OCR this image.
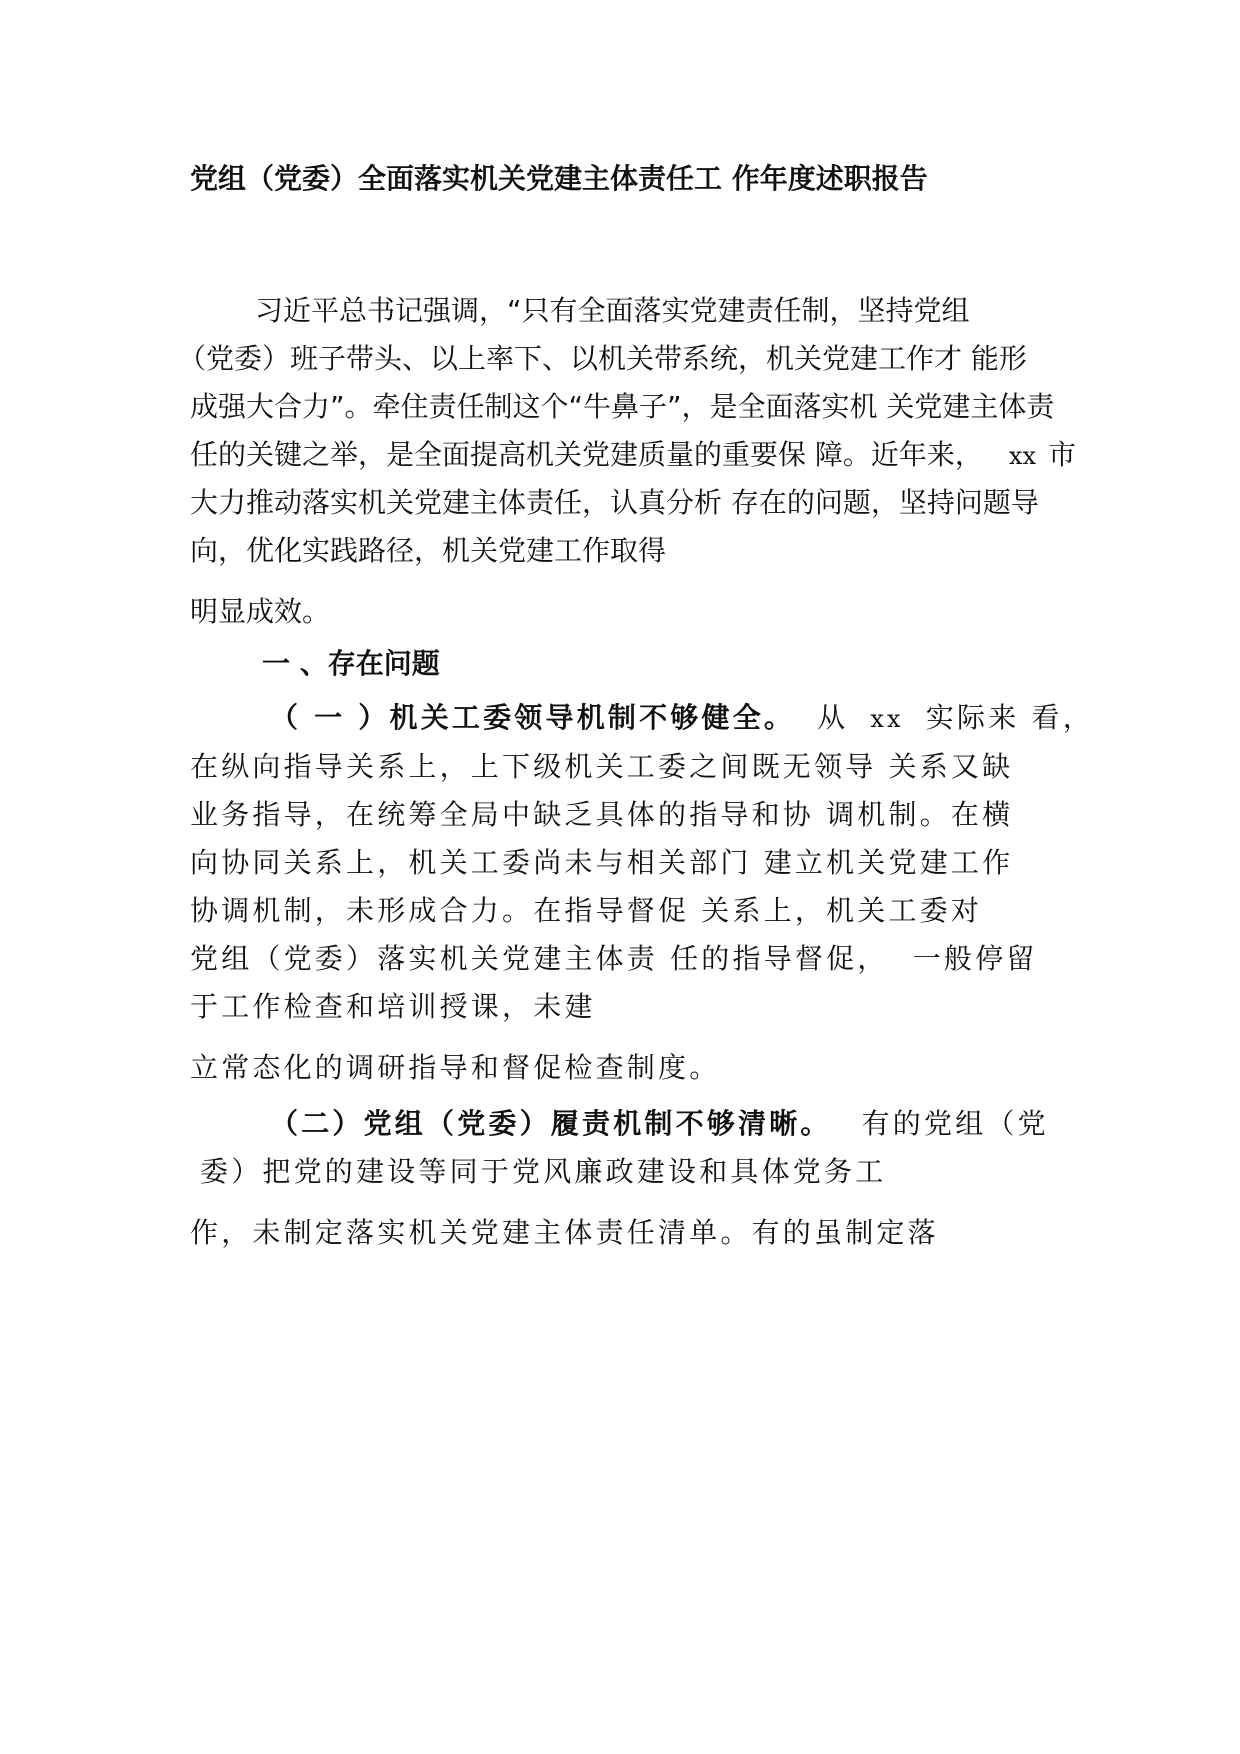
党组（党委）全面落实机关党建主体责任工 作年度述职报告
习近平总书记强调，“只有全面落实党建责任制，坚持党组
（党委）班子带头、以上率下、以机关带系统，机关党建工作才 能形
成强大合力”。牵住责任制这个“牛鼻子”，是全面落实机 关党建主体责
任的关键之举，是全面提高机关党建质量的重要保 障。近年来， xx 市
大力推动落实机关党建主体责任，认真分析 存在的问题，坚持问题导
向，优化实践路径，机关党建工作取得
明显成效。
一 、存在问题
（ 一 ）机关工委领导机制不够健全。 从 xx 实际来 看，
在纵向指导关系上，上下级机关工委之间既无领导 关系又缺
业务指导，在统筹全局中缺乏具体的指导和协 调机制。在横
向协同关系上，机关工委尚未与相关部门 建立机关党建工作
协调机制，未形成合力。在指导督促 关系上，机关工委对
党组（党委）落实机关党建主体责 任的指导督促，  一般停留
于工作检查和培训授课，未建
立常态化的调研指导和督促检查制度。
（二）党组（党委）履责机制不够清晰。 有的党组（党
委）把党的建设等同于党风廉政建设和具体党务工
作，未制定落实机关党建主体责任清单。有的虽制定落
